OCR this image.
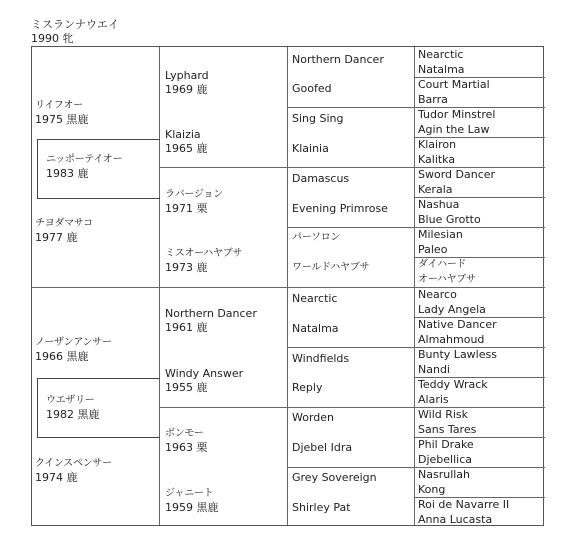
ミスランナウエイ
1990 牝
リイフオー
1975 黒鹿
ニッポーテイオー
1983 鹿
チヨダマサコ
1977 鹿
ノーザンアンサー
1966 黒鹿
ウエザリー
1982 黒鹿
クインスペンサー
1974 鹿
Lyphard
1969 鹿
Klaizia
1965 鹿
ラバージョン
1971 栗
ミスオーハヤブサ
1973 鹿
Northern Dancer
1961 鹿
Windy Answer
1955 鹿
ボンモー
1963 栗
ジャニート
1959 黒鹿
Northern Dancer
Goofed
Sing Sing
Klainia
Damascus
Evening Primrose
パーソロン
ワールドハヤブサ
Nearctic
Natalma
Windfields
Reply
Worden
Djebel Idra
Grey Sovereign
Shirley Pat
Nearctic
Natalma
Court Martial
Barra
Tudor Minstrel
Agin the Law
Klairon
Kalitka
Sword Dancer
Kerala
Nashua
Blue Grotto
Milesian
Paleo
ダイハード
オーハヤブサ
Nearco
Lady Angela
Native Dancer
Almahmoud
Bunty Lawless
Nandi
Teddy Wrack
Alaris
Wild Risk
Sans Tares
Phil Drake
Djebellica
Nasrullah
Kong
Roi de Navarre II
Anna Lucasta
